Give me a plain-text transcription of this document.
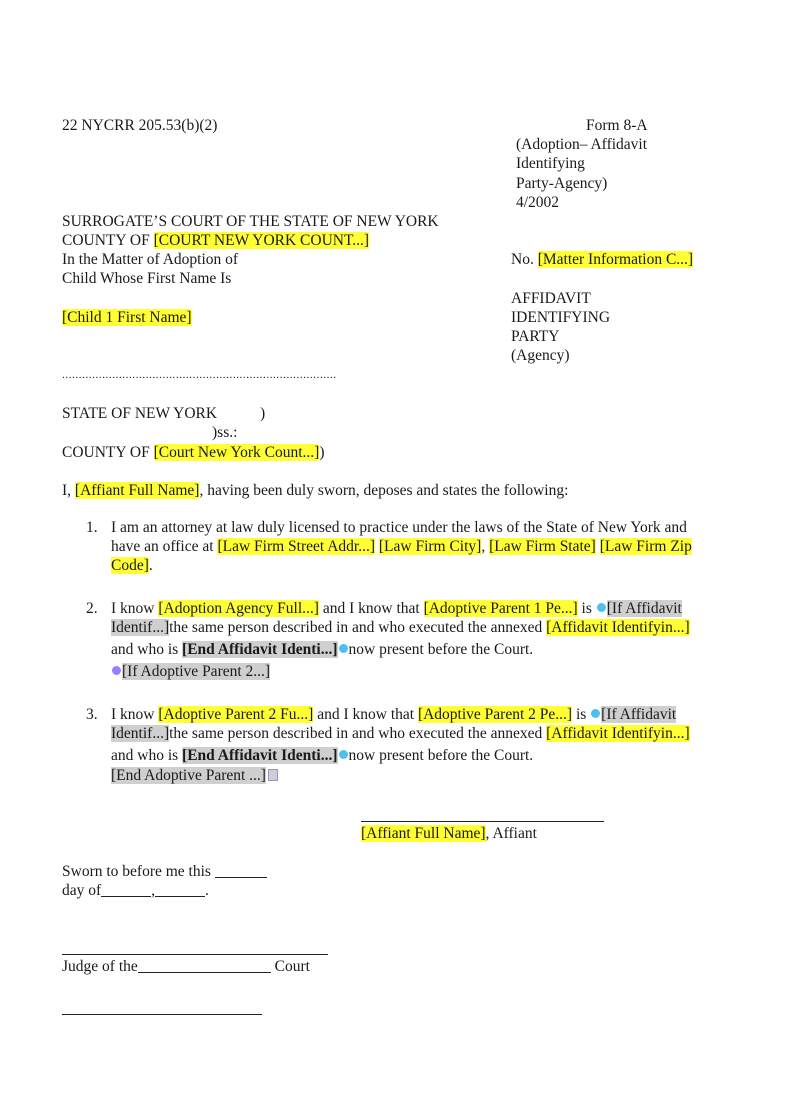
22 NYCRR 205.53(b)(2)	Form 8-A
(Adoption– Affidavit
Identifying
Party-Agency)
4/2002
SURROGATE’S COURT OF THE STATE OF NEW YORK
COUNTY OF [COURT NEW YORK COUNT...]
In the Matter of Adoption of
Child Whose First Name Is
[Child 1 First Name]
..................................................................................
No. [Matter Information C...]
AFFIDAVIT
IDENTIFYING
PARTY
(Agency)
STATE OF NEW YORK	)
)ss.:
COUNTY OF [Court New York Count...])
I, [Affiant Full Name], having been duly sworn, deposes and states the following:
1. I am an attorney at law duly licensed to practice under the laws of the State of New York and
have an office at [Law Firm Street Addr...] [Law Firm City], [Law Firm State] [Law Firm Zip
Code].
2. I know [Adoption Agency Full...] and I know that [Adoptive Parent 1 Pe...] is [If Affidavit
Identif...]the same person described in and who executed the annexed [Affidavit Identifyin...]
and who is [End Affidavit Identi...] now present before the Court.
[If Adoptive Parent 2...]
3. I know [Adoptive Parent 2 Fu...] and I know that [Adoptive Parent 2 Pe...] is [If Affidavit
Identif...]the same person described in and who executed the annexed [Affidavit Identifyin...]
and who is [End Affidavit Identi...] now present before the Court.
[End Adoptive Parent ...]
[Affiant Full Name], Affiant
Sworn to before me this
day of	,	.
Judge of the	Court
